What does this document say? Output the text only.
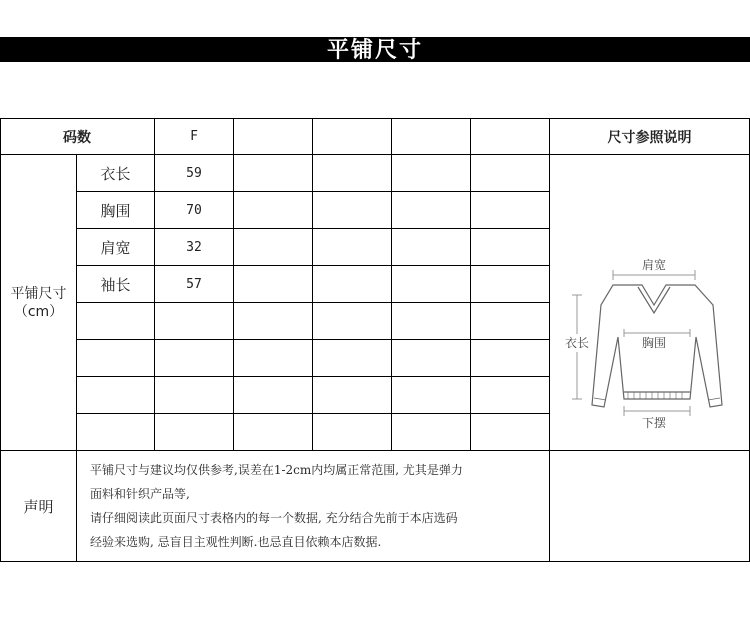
平铺尺寸
码数	F	尺寸参照说明
平铺尺寸
（cm）
衣长	59
胸围	70
肩宽	32
袖长	57
声明
平铺尺寸与建议均仅供参考,误差在1-2cm内均属正常范围, 尤其是弹力
面料和针织产品等,
请仔细阅读此页面尺寸表格内的每一个数据, 充分结合先前于本店选码
经验来选购, 忌盲目主观性判断.也忌直目依赖本店数据.
肩宽
胸围
衣长
下摆
